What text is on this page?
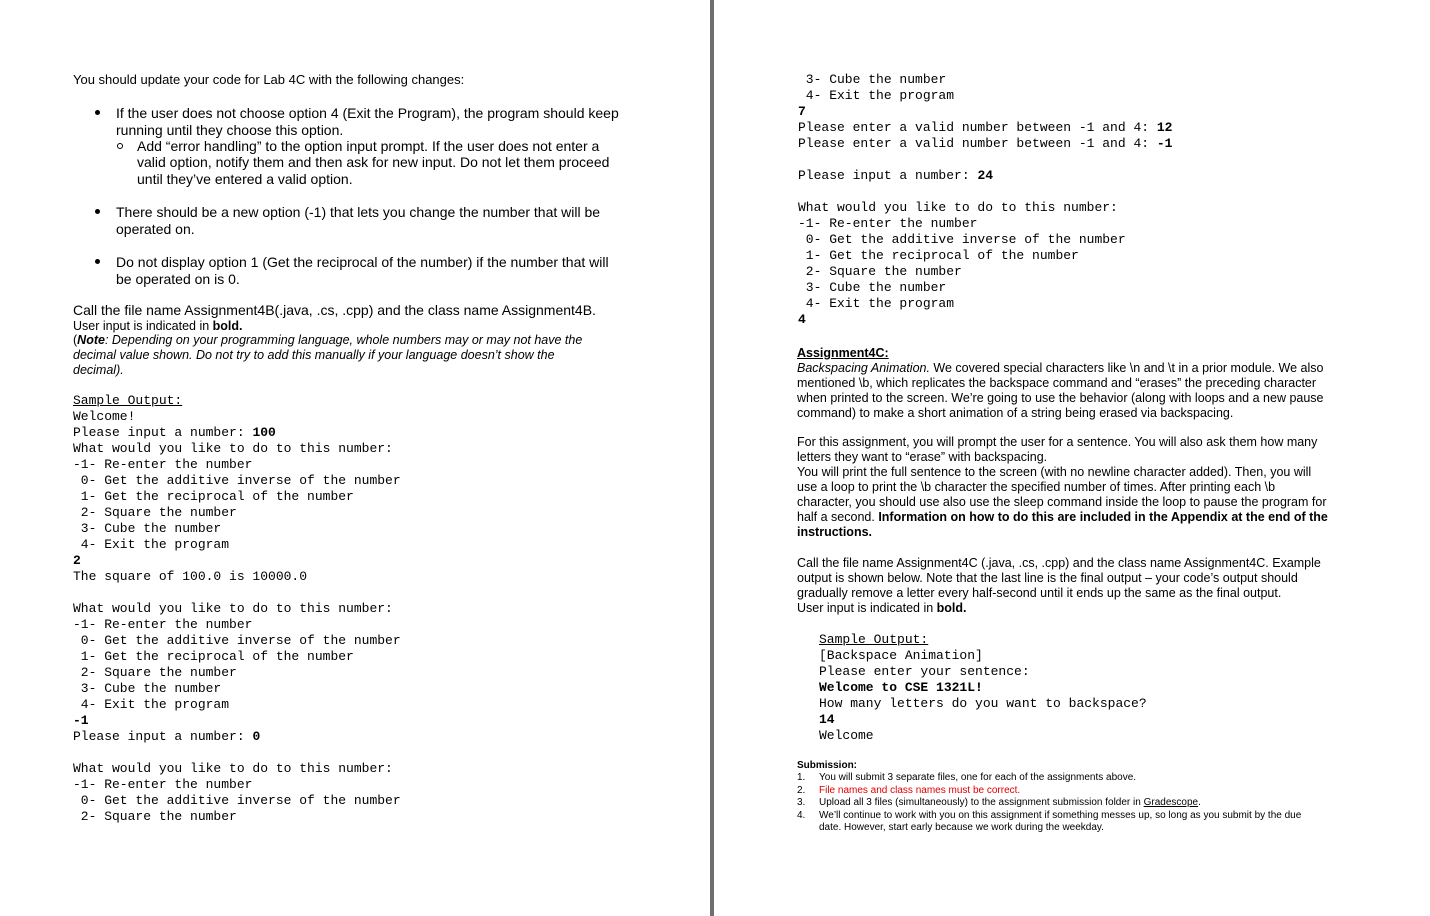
You should update your code for Lab 4C with the following changes:
If the user does not choose option 4 (Exit the Program), the program should keep
running until they choose this option.
Add “error handling” to the option input prompt. If the user does not enter a
valid option, notify them and then ask for new input. Do not let them proceed
until they’ve entered a valid option.
There should be a new option (-1) that lets you change the number that will be
operated on.
Do not display option 1 (Get the reciprocal of the number) if the number that will
be operated on is 0.
Call the file name Assignment4B(.java, .cs, .cpp) and the class name Assignment4B.
User input is indicated in bold.
(Note: Depending on your programming language, whole numbers may or may not have the
decimal value shown. Do not try to add this manually if your language doesn’t show the
decimal).
Sample Output:
Welcome!
Please input a number: 100
What would you like to do to this number:
-1- Re-enter the number
0- Get the additive inverse of the number
1- Get the reciprocal of the number
2- Square the number
3- Cube the number
4- Exit the program
2
The square of 100.0 is 10000.0

What would you like to do to this number:
-1- Re-enter the number
0- Get the additive inverse of the number
1- Get the reciprocal of the number
2- Square the number
3- Cube the number
4- Exit the program
-1
Please input a number: 0

What would you like to do to this number:
-1- Re-enter the number
0- Get the additive inverse of the number
2- Square the number
3- Cube the number
4- Exit the program
7
Please enter a valid number between -1 and 4: 12
Please enter a valid number between -1 and 4: -1

Please input a number: 24

What would you like to do to this number:
-1- Re-enter the number
0- Get the additive inverse of the number
1- Get the reciprocal of the number
2- Square the number
3- Cube the number
4- Exit the program
4
Assignment4C:
Backspacing Animation. We covered special characters like \n and \t in a prior module. We also
mentioned \b, which replicates the backspace command and “erases” the preceding character
when printed to the screen. We’re going to use the behavior (along with loops and a new pause
command) to make a short animation of a string being erased via backspacing.
For this assignment, you will prompt the user for a sentence. You will also ask them how many
letters they want to “erase” with backspacing.
You will print the full sentence to the screen (with no newline character added). Then, you will
use a loop to print the \b character the specified number of times. After printing each \b
character, you should use also use the sleep command inside the loop to pause the program for
half a second. Information on how to do this are included in the Appendix at the end of the
instructions.
Call the file name Assignment4C (.java, .cs, .cpp) and the class name Assignment4C. Example
output is shown below. Note that the last line is the final output – your code’s output should
gradually remove a letter every half-second until it ends up the same as the final output.
User input is indicated in bold.
Sample Output:
[Backspace Animation]
Please enter your sentence:
Welcome to CSE 1321L!
How many letters do you want to backspace?
14
Welcome
Submission:
1. You will submit 3 separate files, one for each of the assignments above.
2. File names and class names must be correct.
3. Upload all 3 files (simultaneously) to the assignment submission folder in Gradescope.
4. We’ll continue to work with you on this assignment if something messes up, so long as you submit by the due
date. However, start early because we work during the weekday.
